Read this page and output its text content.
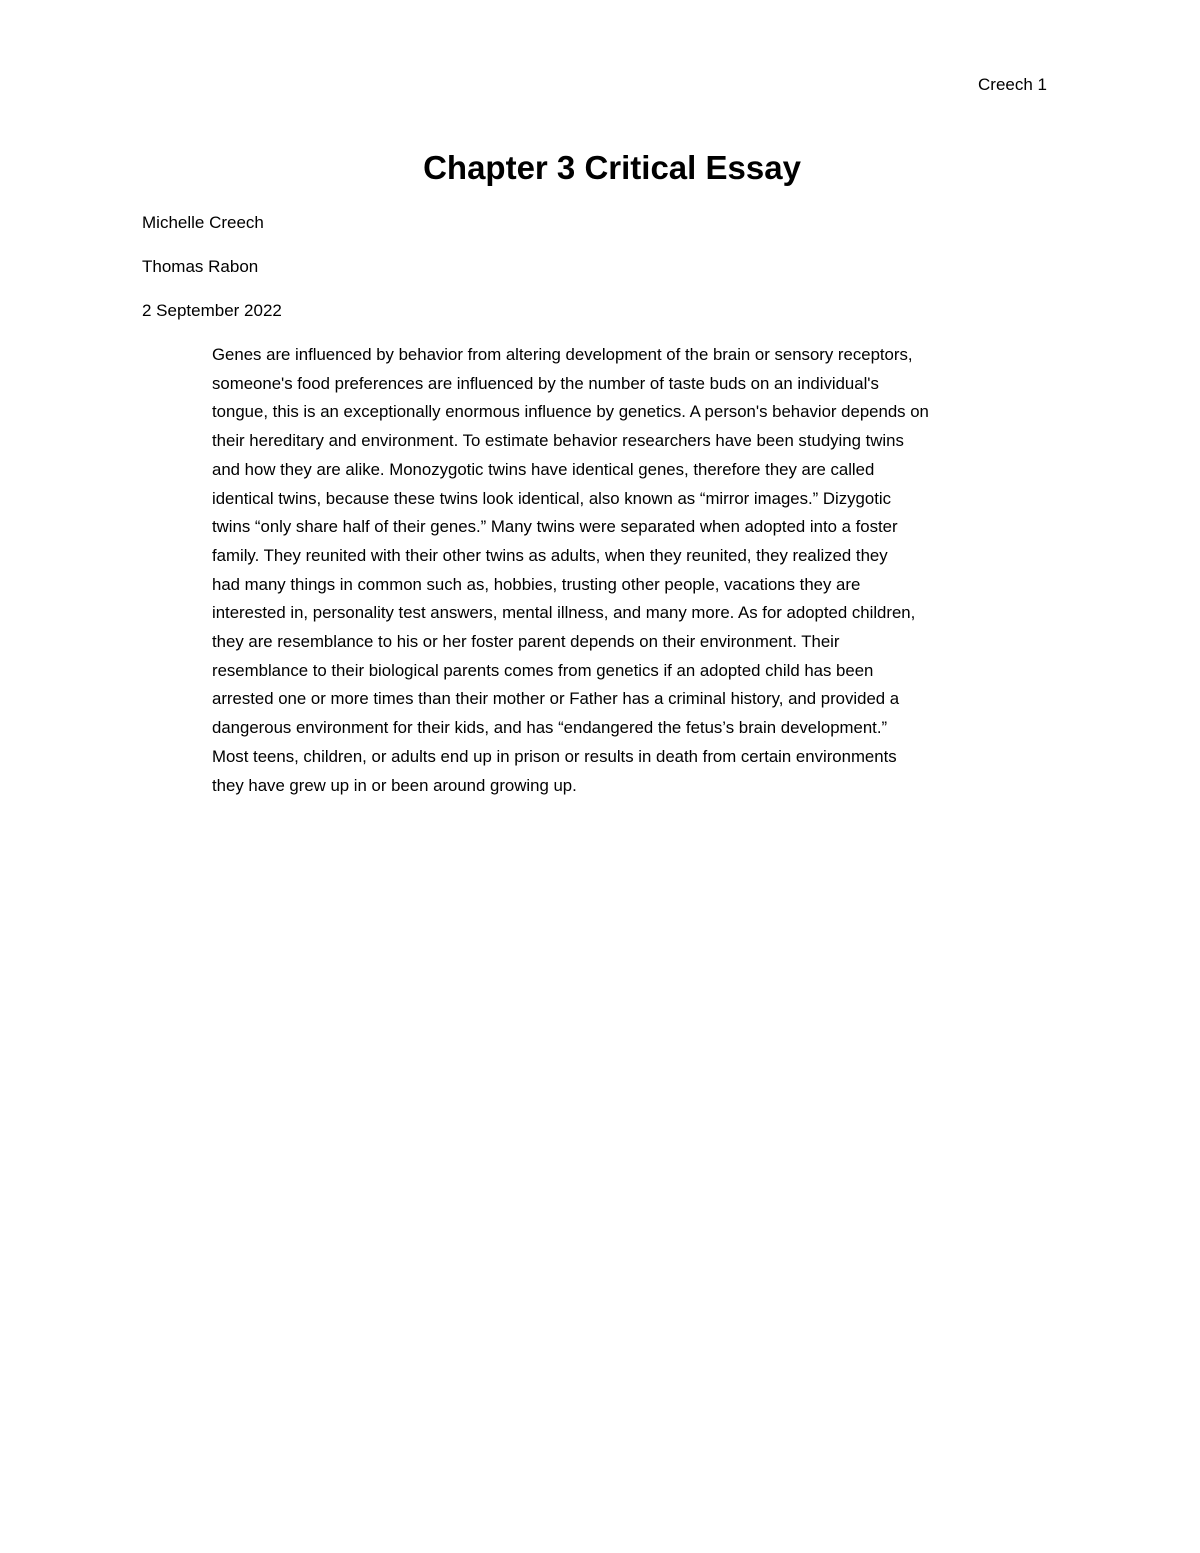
Creech 1
Chapter 3 Critical Essay
Michelle Creech
Thomas Rabon
2 September 2022
Genes are influenced by behavior from altering development of the brain or sensory receptors,
someone's food preferences are influenced by the number of taste buds on an individual's
tongue, this is an exceptionally enormous influence by genetics. A person's behavior depends on
their hereditary and environment. To estimate behavior researchers have been studying twins
and how they are alike. Monozygotic twins have identical genes, therefore they are called
identical twins, because these twins look identical, also known as “mirror images.” Dizygotic
twins “only share half of their genes.” Many twins were separated when adopted into a foster
family. They reunited with their other twins as adults, when they reunited, they realized they
had many things in common such as, hobbies, trusting other people, vacations they are
interested in, personality test answers, mental illness, and many more. As for adopted children,
they are resemblance to his or her foster parent depends on their environment. Their
resemblance to their biological parents comes from genetics if an adopted child has been
arrested one or more times than their mother or Father has a criminal history, and provided a
dangerous environment for their kids, and has “endangered the fetus’s brain development.”
Most teens, children, or adults end up in prison or results in death from certain environments
they have grew up in or been around growing up.
